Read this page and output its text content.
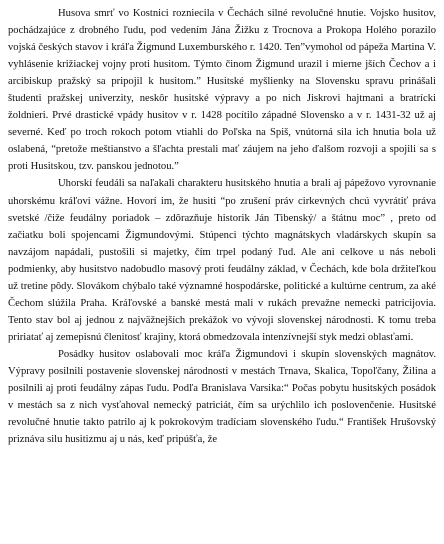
Husova smrť vo Kostnici rozniecila v Čechách silné revolučné hnutie. Vojsko husitov, pochádzajúce z drobného ľudu, pod vedením Jána Žižku z Trocnova a Prokopa Holého porazilo vojská českých stavov i kráľa Žigmund Luxemburského r. 1420. Ten”vymohol od pápeža Martina V. vyhlásenie križiackej vojny proti husitom. Týmto činom Žigmund urazil i mierne jších Čechov a i arcibiskup pražský sa pripojil k husitom.” Husitské myšlienky na Slovensku spravu prinášali študenti pražskej univerzity, neskôr husitské výpravy a po nich Jiskrovi hajtmani a bratrícki žoldnieri. Prvé drastické vpády husitov v r. 1428 pocítilo západné Slovensko a v r. 1431-32 už aj severné. Keď po troch rokoch potom vtiahli do Poľska na Spiš, vnútorná sila ich hnutia bola už oslabená, “pretože meštianstvo a šľachta prestali mať záujem na jeho ďalšom rozvoji a spojili sa s proti Husitskou, tzv. panskou jednotou.”

Uhorskí feudáli sa naľakali charakteru husitského hnutia a brali aj pápežovo vyrovnanie uhorskému kráľovi vážne. Hovorí im, že husiti “po zrušení práv cirkevných chcú vyvrátiť práva svetské /čiže feudálny poriadok – zdôrazňuje historik Ján Tibenský/ a štátnu moc” , preto od začiatku boli spojencami Žigmundovými. Stúpenci týchto magnátskych vladárskych skupín sa navzájom napádali, pustošili si majetky, čím trpel podaný ľud. Ale ani celkove u nás neboli podmienky, aby husitstvo nadobudlo masový proti feudálny základ, v Čechách, kde bola držiteľkou už tretine pôdy. Slovákom chýbalo také významné hospodárske, politické a kultúrne centrum, za aké Čechom slúžila Praha. Kráľovské a banské mestá mali v rukách prevažne nemecki patricijovia. Tento stav bol aj jednou z najväžnejších prekážok vo vývoji slovenskej národnosti. K tomu treba pririatať aj zemepisnú členitosť krajiny, ktorá obmedzovala intenzívnejší styk medzi oblasťami.

Posádky husitov oslabovali moc kráľa Žigmundovi i skupín slovenských magnátov. Výpravy posilnili postavenie slovenskej národnosti v mestách Trnava, Skalica, Topoľčany, Žilina a posilnili aj proti feudálny zápas ľudu. Podľa Branislava Varsika:“ Počas pobytu husitských posádok v mestách sa z nich vysťahoval nemecký patriciát, čím sa urýchlilo ich poslovenčenie. Husitské revolučné hnutie takto patrilo aj k pokrokovým tradíciam slovenského ľudu.“ František Hrušovský priznáva silu husitizmu aj u nás, keď pripúšťa, že
